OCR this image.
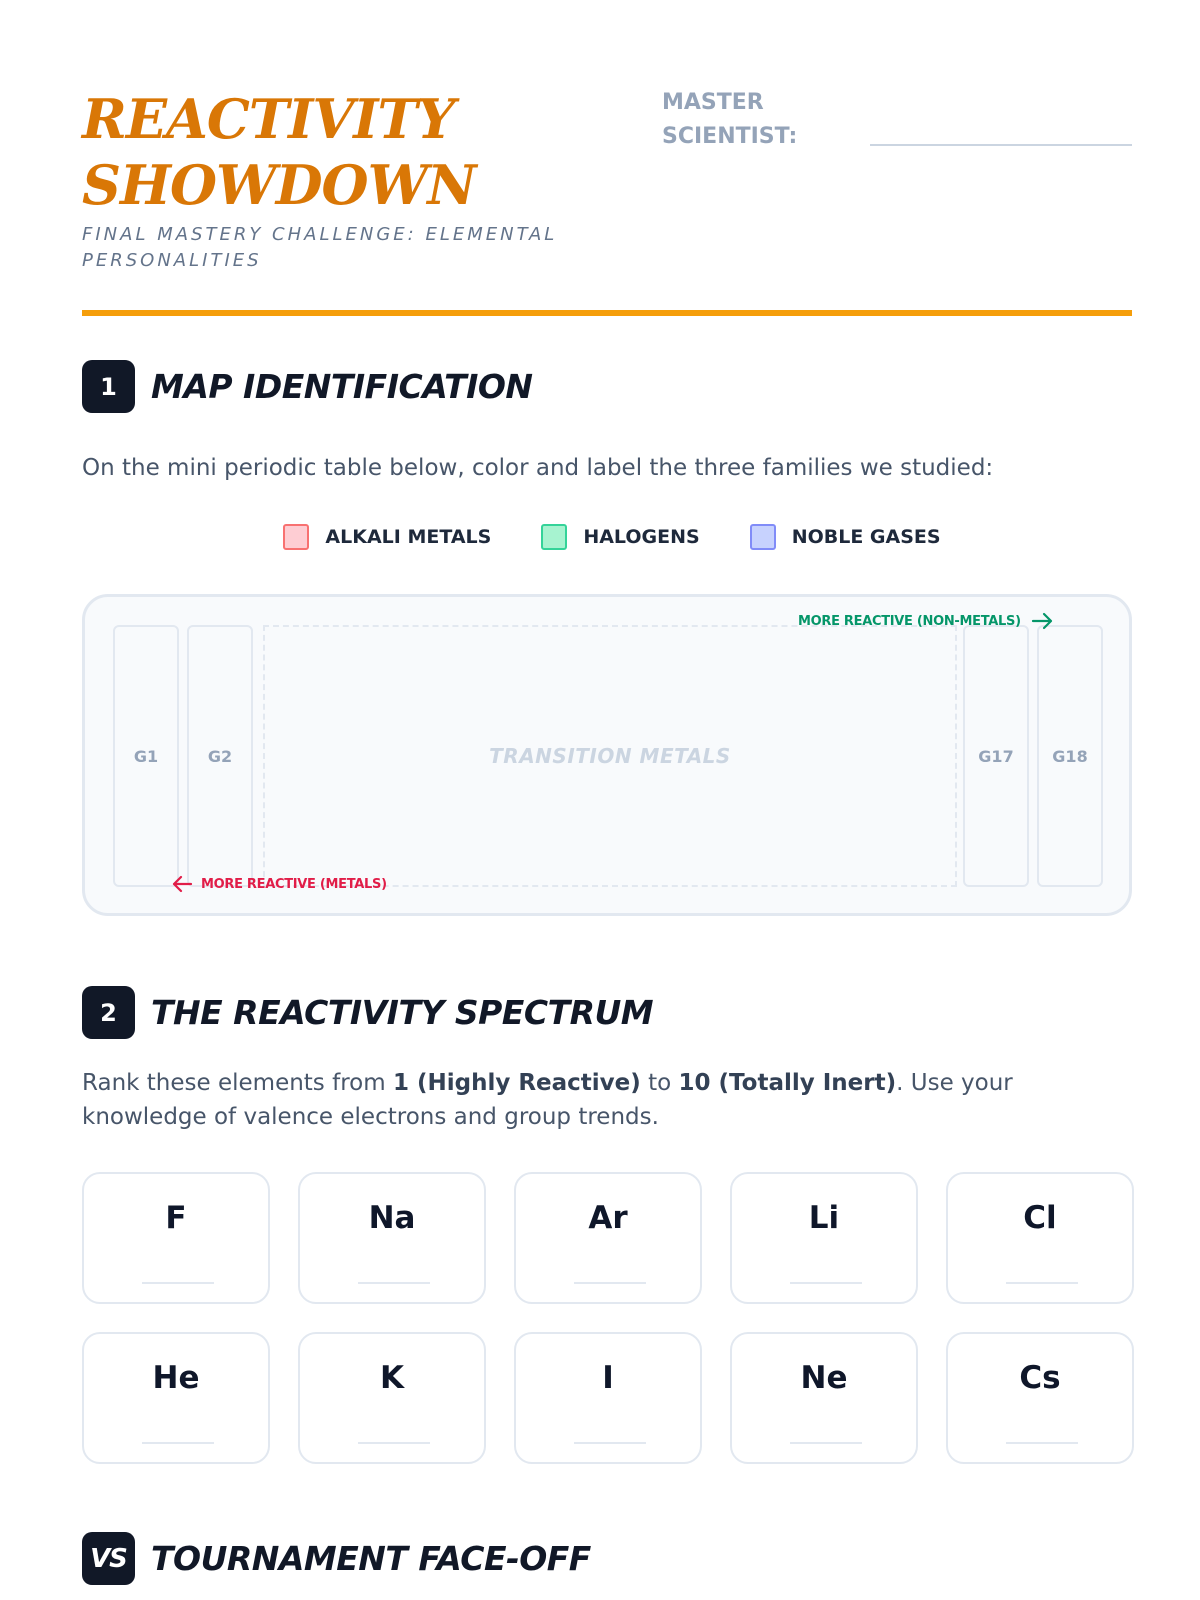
REACTIVITY SHOWDOWN
FINAL MASTERY CHALLENGE: ELEMENTAL PERSONALITIES
MASTER SCIENTIST:
1	MAP IDENTIFICATION
On the mini periodic table below, color and label the three families we studied:
ALKALI METALS	HALOGENS	NOBLE GASES
G1	G2	TRANSITION METALS	G17	G18
MORE REACTIVE (NON-METALS)
MORE REACTIVE (METALS)
2	THE REACTIVITY SPECTRUM
Rank these elements from 1 (Highly Reactive) to 10 (Totally Inert). Use your knowledge of valence electrons and group trends.
F	Na	Ar	Li	Cl
He	K	I	Ne	Cs
VS TOURNAMENT FACE-OFF
